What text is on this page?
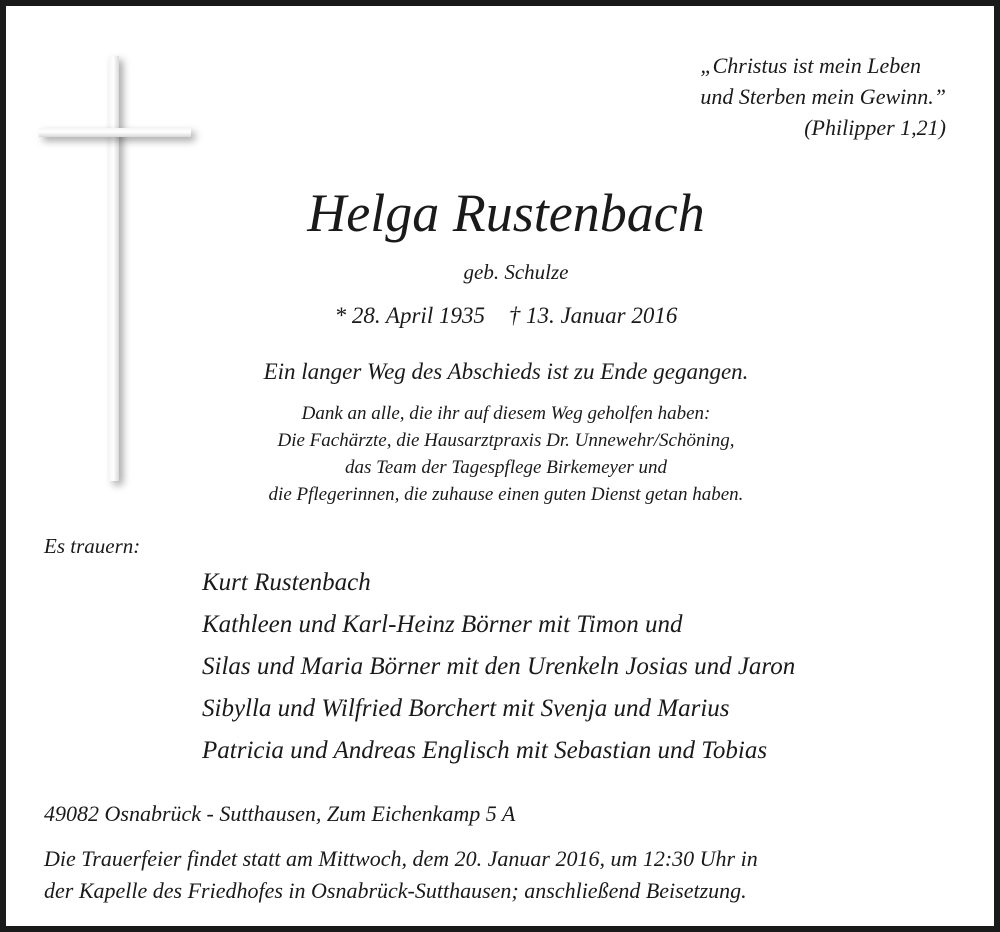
„Christus ist mein Leben
und Sterben mein Gewinn.”
(Philipper 1,21)
Helga Rustenbach
geb. Schulze
* 28. April 1935 † 13. Januar 2016
Ein langer Weg des Abschieds ist zu Ende gegangen.
Dank an alle, die ihr auf diesem Weg geholfen haben:
Die Fachärzte, die Hausarztpraxis Dr. Unnewehr/Schöning,
das Team der Tagespflege Birkemeyer und
die Pflegerinnen, die zuhause einen guten Dienst getan haben.
Es trauern:
Kurt Rustenbach
Kathleen und Karl-Heinz Börner mit Timon und
Silas und Maria Börner mit den Urenkeln Josias und Jaron
Sibylla und Wilfried Borchert mit Svenja und Marius
Patricia und Andreas Englisch mit Sebastian und Tobias
49082 Osnabrück - Sutthausen, Zum Eichenkamp 5 A
Die Trauerfeier findet statt am Mittwoch, dem 20. Januar 2016, um 12:30 Uhr in
der Kapelle des Friedhofes in Osnabrück-Sutthausen; anschließend Beisetzung.
